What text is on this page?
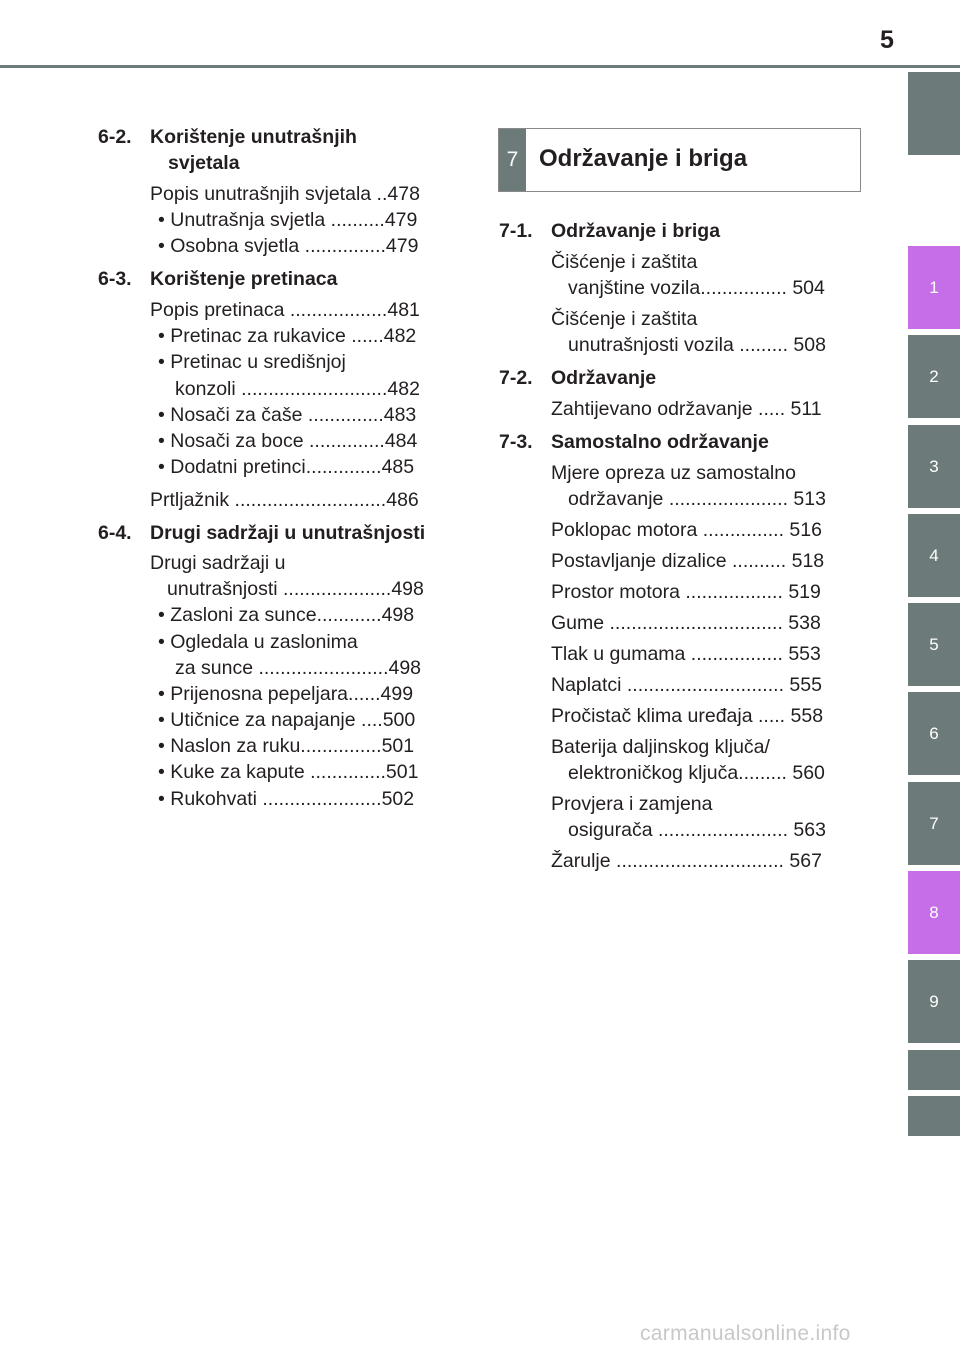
5
1
2
3
4
5
6
7
8
9
6-2. Korištenje unutrašnjih
svjetala
Popis unutrašnjih svjetala ..478
• Unutrašnja svjetla ..........479
• Osobna svjetla ...............479
6-3. Korištenje pretinaca
Popis pretinaca ..................481
• Pretinac za rukavice ......482
• Pretinac u središnjoj
konzoli ...........................482
• Nosači za čaše ..............483
• Nosači za boce ..............484
• Dodatni pretinci..............485
Prtljažnik ............................486
6-4. Drugi sadržaji u unutrašnjosti
Drugi sadržaji u
unutrašnjosti ....................498
• Zasloni za sunce............498
• Ogledala u zaslonima
za sunce ........................498
• Prijenosna pepeljara......499
• Utičnice za napajanje ....500
• Naslon za ruku...............501
• Kuke za kapute ..............501
• Rukohvati ......................502
7 Održavanje i briga
7-1. Održavanje i briga
Čišćenje i zaštita
vanjštine vozila................ 504
Čišćenje i zaštita
unutrašnjosti vozila ......... 508
7-2. Održavanje
Zahtijevano održavanje ..... 511
7-3. Samostalno održavanje
Mjere opreza uz samostalno
održavanje ...................... 513
Poklopac motora ............... 516
Postavljanje dizalice .......... 518
Prostor motora .................. 519
Gume ................................ 538
Tlak u gumama ................. 553
Naplatci ............................. 555
Pročistač klima uređaja ..... 558
Baterija daljinskog ključa/
elektroničkog ključa......... 560
Provjera i zamjena
osigurača ........................ 563
Žarulje ............................... 567
carmanualsonline.info
